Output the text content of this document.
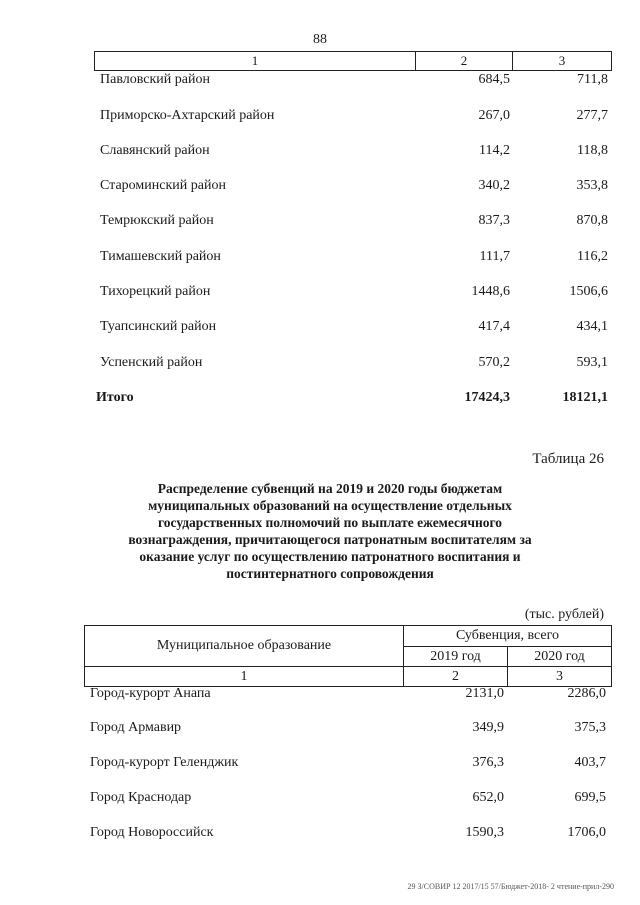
88
1	2	3
Павловский район	684,5	711,8
Приморско-Ахтарский район	267,0	277,7
Славянский район	114,2	118,8
Староминский район	340,2	353,8
Темрюкский район	837,3	870,8
Тимашевский район	111,7	116,2
Тихорецкий район	1448,6	1506,6
Туапсинский район	417,4	434,1
Успенский район	570,2	593,1
Итого	17424,3	18121,1
Таблица 26
Распределение субвенций на 2019 и 2020 годы бюджетам муниципальных образований на осуществление отдельных государственных полномочий по выплате ежемесячного вознаграждения, причитающегося патронатным воспитателям за оказание услуг по осуществлению патронатного воспитания и постинтернатного сопровождения
(тыс. рублей)
Муниципальное образование
Субвенция, всего
2019 год	2020 год
1	2	3
Город-курорт Анапа	2131,0	2286,0
Город Армавир	349,9	375,3
Город-курорт Геленджик	376,3	403,7
Город Краснодар	652,0	699,5
Город Новороссийск	1590,3	1706,0
29 З/СОВИР 12 2017/15 57/Бюджет-2018- 2 чтение-прил-290
